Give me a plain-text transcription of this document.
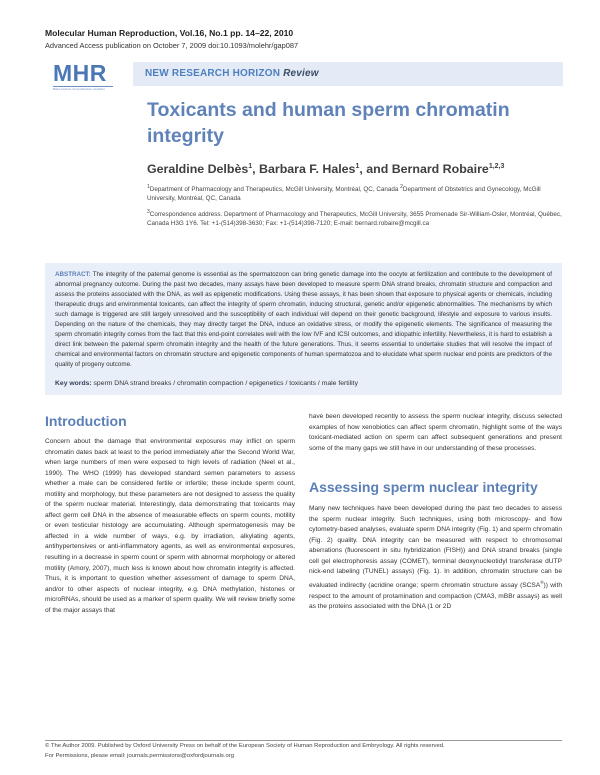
Molecular Human Reproduction, Vol.16, No.1 pp. 14–22, 2010
Advanced Access publication on October 7, 2009 doi:10.1093/molehr/gap087
MHR
Basic science of reproductive medicine
NEW RESEARCH HORIZON Review
Toxicants and human sperm chromatin integrity
Geraldine Delbès$^1$, Barbara F. Hales$^1$, and Bernard Robaire$^{1,2,3}$
$^1$Department of Pharmacology and Therapeutics, McGill University, Montréal, QC, Canada $^2$Department of Obstetrics and Gynecology, McGill University, Montréal, QC, Canada
$^3$Correspondence address. Department of Pharmacology and Therapeutics, McGill University, 3655 Promenade Sir-William-Osler, Montréal, Québec, Canada H3G 1Y6. Tel: +1-(514)398-3630; Fax: +1-(514)398-7120; E-mail: bernard.robaire@mcgill.ca
ABSTRACT: The integrity of the paternal genome is essential as the spermatozoon can bring genetic damage into the oocyte at fertilization and contribute to the development of abnormal pregnancy outcome. During the past two decades, many assays have been developed to measure sperm DNA strand breaks, chromatin structure and compaction and assess the proteins associated with the DNA, as well as epigenetic modifications. Using these assays, it has been shown that exposure to physical agents or chemicals, including therapeutic drugs and environmental toxicants, can affect the integrity of sperm chromatin, inducing structural, genetic and/or epigenetic abnormalities. The mechanisms by which such damage is triggered are still largely unresolved and the susceptibility of each individual will depend on their genetic background, lifestyle and exposure to various insults. Depending on the nature of the chemicals, they may directly target the DNA, induce an oxidative stress, or modify the epigenetic elements. The significance of measuring the sperm chromatin integrity comes from the fact that this end-point correlates well with the low IVF and ICSI outcomes, and idiopathic infertility. Nevertheless, it is hard to establish a direct link between the paternal sperm chromatin integrity and the health of the future generations. Thus, it seems essential to undertake studies that will resolve the impact of chemical and environmental factors on chromatin structure and epigenetic components of human spermatozoa and to elucidate what sperm nuclear end points are predictors of the quality of progeny outcome.
Key words: sperm DNA strand breaks / chromatin compaction / epigenetics / toxicants / male fertility
Introduction

Concern about the damage that environmental exposures may inflict on sperm chromatin dates back at least to the period immediately after the Second World War, when large numbers of men were exposed to high levels of radiation (Neel et al., 1990). The WHO (1999) has developed standard semen parameters to assess whether a male can be considered fertile or infertile; these include sperm count, motility and morphology, but these parameters are not designed to assess the quality of the sperm nuclear material. Interestingly, data demonstrating that toxicants may affect germ cell DNA in the absence of measurable effects on sperm counts, motility or even testicular histology are accumulating. Although spermatogenesis may be affected in a wide number of ways, e.g. by irradiation, alkylating agents, antihypertensives or anti-inflammatory agents, as well as environmental exposures, resulting in a decrease in sperm count or sperm with abnormal morphology or altered motility (Amory, 2007), much less is known about how chromatin integrity is affected. Thus, it is important to question whether assessment of damage to sperm DNA, and/or to other aspects of nuclear integrity, e.g. DNA methylation, histones or microRNAs, should be used as a marker of sperm quality. We will review briefly some of the major assays that

have been developed recently to assess the sperm nuclear integrity, discuss selected examples of how xenobiotics can affect sperm chromatin, highlight some of the ways toxicant-mediated action on sperm can affect subsequent generations and present some of the many gaps we still have in our understanding of these processes.

Assessing sperm nuclear integrity

Many new techniques have been developed during the past two decades to assess the sperm nuclear integrity. Such techniques, using both microscopy- and flow cytometry-based analyses, evaluate sperm DNA integrity (Fig. 1) and sperm chromatin (Fig. 2) quality. DNA integrity can be measured with respect to chromosomal aberrations (fluorescent in situ hybridization (FISH)) and DNA strand breaks (single cell gel electrophoresis assay (COMET), terminal deoxynucleotidyl transferase dUTP nick-end labeling (TUNEL) assays) (Fig. 1). In addition, chromatin structure can be evaluated indirectly (acridine orange; sperm chromatin structure assay (SCSA®)) with respect to the amount of protamination and compaction (CMA3, mBBr assays) as well as the proteins associated with the DNA (1 or 2D

© The Author 2009. Published by Oxford University Press on behalf of the European Society of Human Reproduction and Embryology. All rights reserved.
For Permissions, please email: journals.permissions@oxfordjournals.org
